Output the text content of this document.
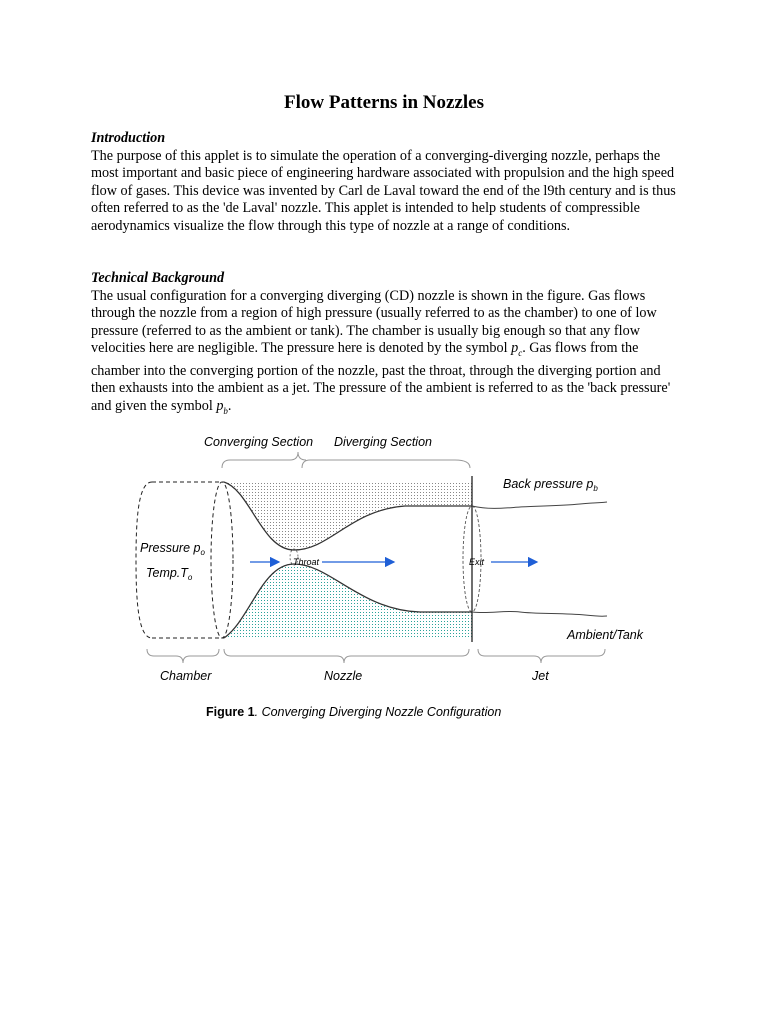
Flow Patterns in Nozzles
Introduction

The purpose of this applet is to simulate the operation of a converging-diverging nozzle, perhaps the most important and basic piece of engineering hardware associated with propulsion and the high speed flow of gases. This device was invented by Carl de Laval toward the end of the l9th century and is thus often referred to as the 'de Laval' nozzle. This applet is intended to help students of compressible aerodynamics visualize the flow through this type of nozzle at a range of conditions.

Technical Background

The usual configuration for a converging diverging (CD) nozzle is shown in the figure. Gas flows through the nozzle from a region of high pressure (usually referred to as the chamber) to one of low pressure (referred to as the ambient or tank). The chamber is usually big enough so that any flow velocities here are negligible. The pressure here is denoted by the symbol $p_c$. Gas flows from the chamber into the converging portion of the nozzle, past the throat, through the diverging portion and then exhausts into the ambient as a jet. The pressure of the ambient is referred to as the 'back pressure' and given the symbol $p_b$.

Converging Section Diverging Section
Back pressure $p_b$
Pressure $p_o$
$Temp.T_o$
Throat	Exit
Ambient/Tank
Chamber	Nozzle	Jet
Figure 1. Converging Diverging Nozzle Configuration
